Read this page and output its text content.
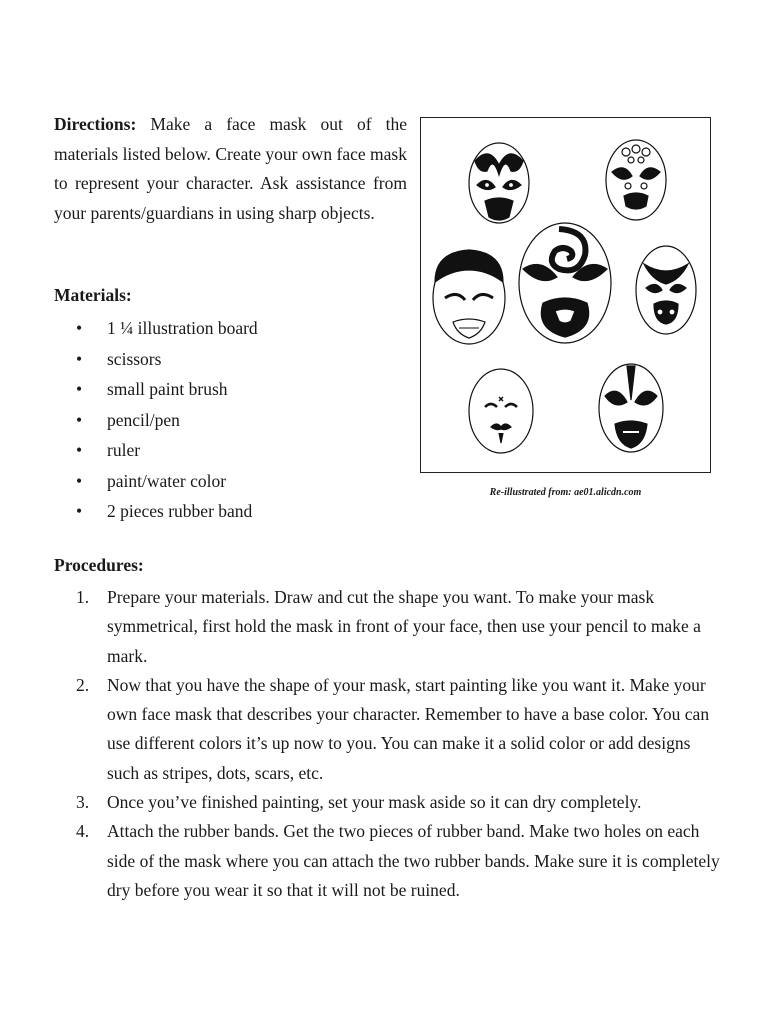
Directions: Make a face mask out of the materials listed below. Create your own face mask to represent your character. Ask assistance from your parents/guardians in using sharp objects.

Materials:
• 1 ¼ illustration board
• scissors
• small paint brush
• pencil/pen
• ruler
• paint/water color
• 2 pieces rubber band

Re-illustrated from: ae01.alicdn.com

Procedures:
1. Prepare your materials. Draw and cut the shape you want. To make your mask symmetrical, first hold the mask in front of your face, then use your pencil to make a mark.
2. Now that you have the shape of your mask, start painting like you want it. Make your own face mask that describes your character. Remember to have a base color. You can use different colors it’s up now to you. You can make it a solid color or add designs such as stripes, dots, scars, etc.
3. Once you’ve finished painting, set your mask aside so it can dry completely.
4. Attach the rubber bands. Get the two pieces of rubber band. Make two holes on each side of the mask where you can attach the two rubber bands. Make sure it is completely dry before you wear it so that it will not be ruined.
